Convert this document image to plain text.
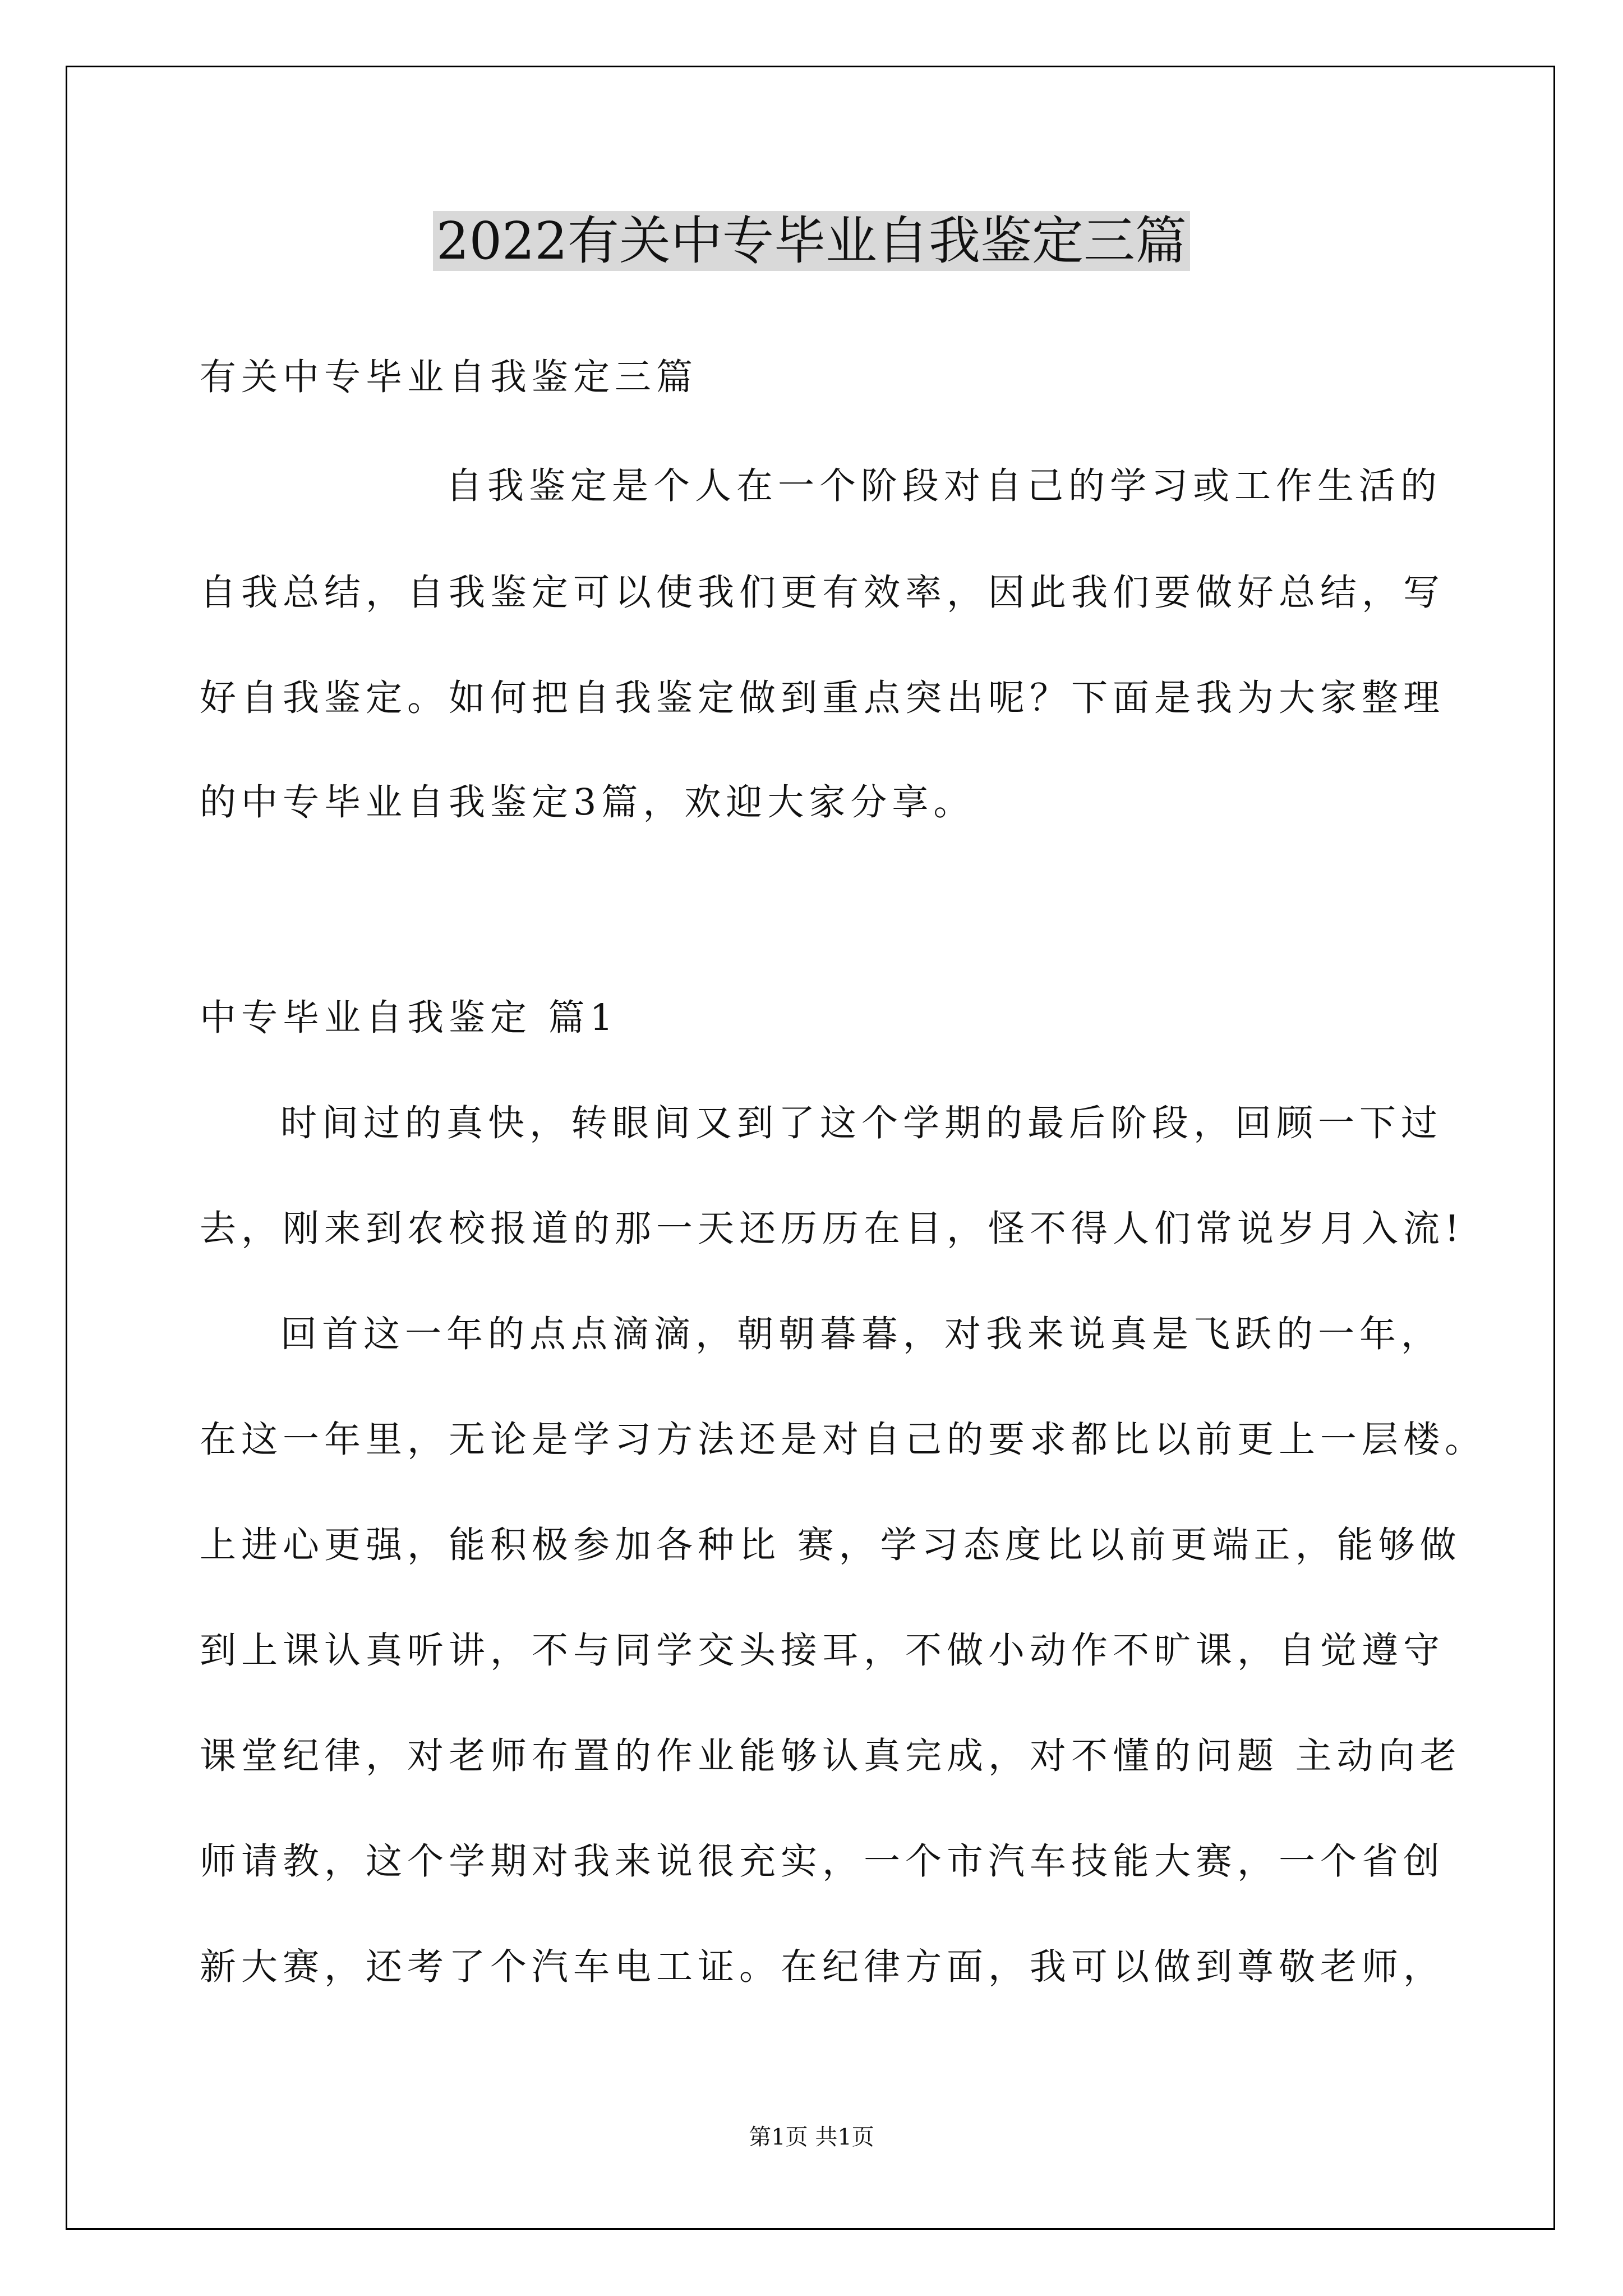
2022有关中专毕业自我鉴定三篇
有关中专毕业自我鉴定三篇
自我鉴定是个人在一个阶段对自己的学习或工作生活的
自我总结，自我鉴定可以使我们更有效率，因此我们要做好总结，写
好自我鉴定。如何把自我鉴定做到重点突出呢？下面是我为大家整理
的中专毕业自我鉴定3篇，欢迎大家分享。
中专毕业自我鉴定 篇1
时间过的真快，转眼间又到了这个学期的最后阶段，回顾一下过
去，刚来到农校报道的那一天还历历在目，怪不得人们常说岁月入流!
回首这一年的点点滴滴，朝朝暮暮，对我来说真是飞跃的一年，
在这一年里，无论是学习方法还是对自己的要求都比以前更上一层楼。
上进心更强，能积极参加各种比 赛，学习态度比以前更端正，能够做
到上课认真听讲，不与同学交头接耳，不做小动作不旷课，自觉遵守
课堂纪律，对老师布置的作业能够认真完成，对不懂的问题 主动向老
师请教，这个学期对我来说很充实，一个市汽车技能大赛，一个省创
新大赛，还考了个汽车电工证。在纪律方面，我可以做到尊敬老师，
第1页 共1页
